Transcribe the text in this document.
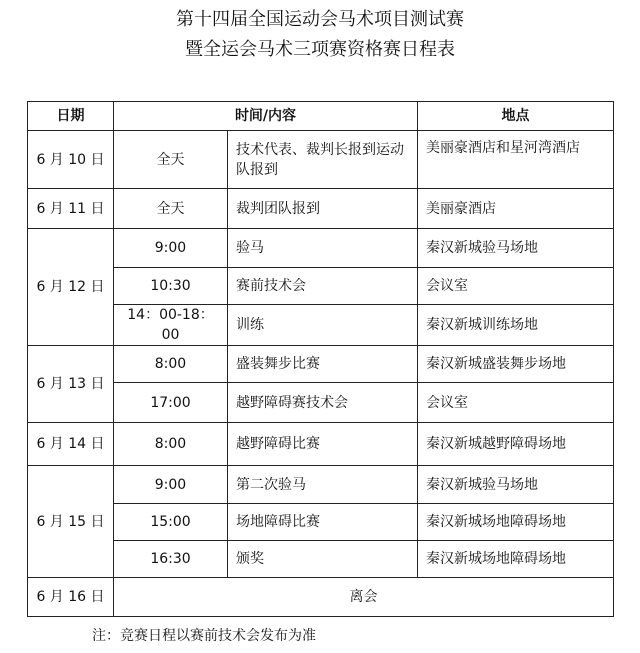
第十四届全国运动会马术项目测试赛
暨全运会马术三项赛资格赛日程表
日期	时间/内容		地点
6 月 10 日	全天	技术代表、裁判长报到运动队报到	美丽豪酒店和星河湾酒店
6 月 11 日	全天	裁判团队报到	美丽豪酒店
6 月 12 日	9:00	验马	秦汉新城验马场地
	10:30	赛前技术会	会议室
	14：00-18：00	训练	秦汉新城训练场地
6 月 13 日	8:00	盛装舞步比赛	秦汉新城盛装舞步场地
	17:00	越野障碍赛技术会	会议室
6 月 14 日	8:00	越野障碍比赛	秦汉新城越野障碍场地
6 月 15 日	9:00	第二次验马	秦汉新城验马场地
	15:00	场地障碍比赛	秦汉新城场地障碍场地
	16:30	颁奖	秦汉新城场地障碍场地
6 月 16 日	离会		
注：竞赛日程以赛前技术会发布为准
